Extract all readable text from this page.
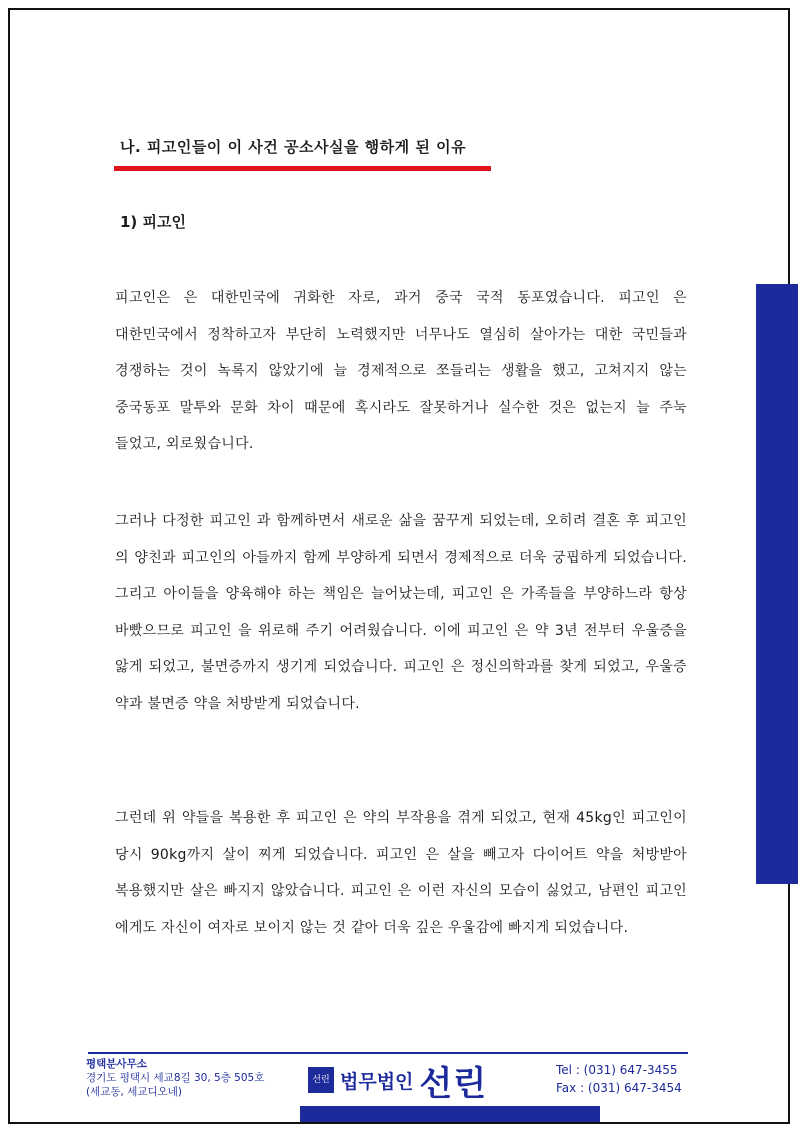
나. 피고인들이 이 사건 공소사실을 행하게 된 이유
1) 피고인
피고인은 은 대한민국에 귀화한 자로, 과거 중국 국적 동포였습니다. 피고인 은 대한민국에서 정착하고자 부단히 노력했지만 너무나도 열심히 살아가는 대한 국민들과 경쟁하는 것이 녹록지 않았기에 늘 경제적으로 쪼들리는 생활을 했고, 고쳐지지 않는 중국동포 말투와 문화 차이 때문에 혹시라도 잘못하거나 실수한 것은 없는지 늘 주눅 들었고, 외로웠습니다.
그러나 다정한 피고인 과 함께하면서 새로운 삶을 꿈꾸게 되었는데, 오히려 결혼 후 피고인 의 양친과 피고인의 아들까지 함께 부양하게 되면서 경제적으로 더욱 궁핍하게 되었습니다. 그리고 아이들을 양육해야 하는 책임은 늘어났는데, 피고인 은 가족들을 부양하느라 항상 바빴으므로 피고인 을 위로해 주기 어려웠습니다. 이에 피고인 은 약 3년 전부터 우울증을 앓게 되었고, 불면증까지 생기게 되었습니다. 피고인 은 정신의학과를 찾게 되었고, 우울증 약과 불면증 약을 처방받게 되었습니다.
그런데 위 약들을 복용한 후 피고인 은 약의 부작용을 겪게 되었고, 현재 45kg인 피고인이 당시 90kg까지 살이 찌게 되었습니다. 피고인 은 살을 빼고자 다이어트 약을 처방받아 복용했지만 살은 빠지지 않았습니다. 피고인 은 이런 자신의 모습이 싫었고, 남편인 피고인 에게도 자신이 여자로 보이지 않는 것 같아 더욱 깊은 우울감에 빠지게 되었습니다.
평택분사무소
경기도 평택시 세교8길 30, 5층 505호
(세교동, 세교디오네)
선린 법무법인 선린	Tel : (031) 647-3455
Fax : (031) 647-3454
